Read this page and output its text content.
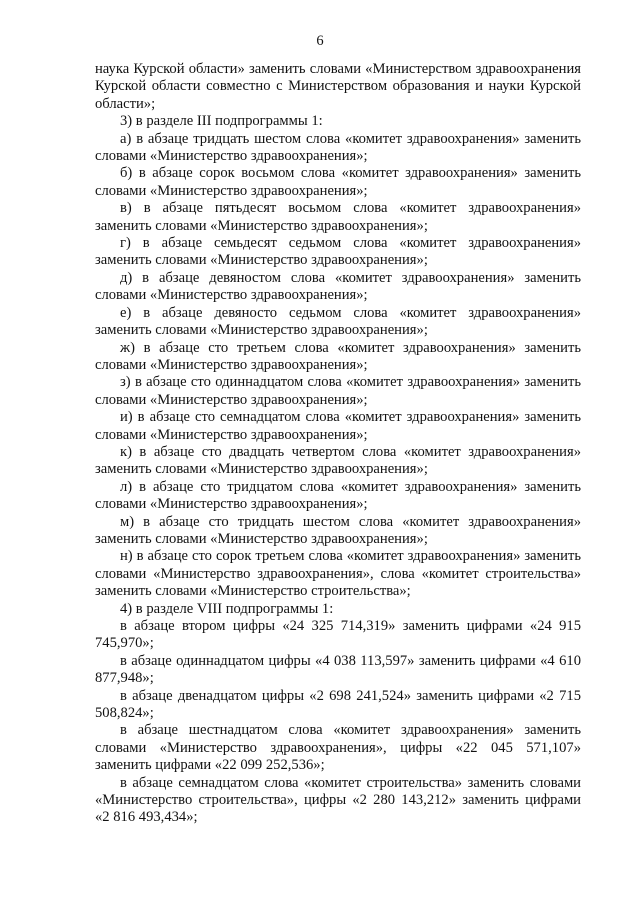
6

наука Курской области» заменить словами «Министерством здравоохранения Курской области совместно с Министерством образования и науки Курской области»;

3) в разделе III подпрограммы 1:

а) в абзаце тридцать шестом слова «комитет здравоохранения» заменить словами «Министерство здравоохранения»;

б) в абзаце сорок восьмом слова «комитет здравоохранения» заменить словами «Министерство здравоохранения»;

в) в абзаце пятьдесят восьмом слова «комитет здравоохранения» заменить словами «Министерство здравоохранения»;

г) в абзаце семьдесят седьмом слова «комитет здравоохранения» заменить словами «Министерство здравоохранения»;

д) в абзаце девяностом слова «комитет здравоохранения» заменить словами «Министерство здравоохранения»;

е) в абзаце девяносто седьмом слова «комитет здравоохранения» заменить словами «Министерство здравоохранения»;

ж) в абзаце сто третьем слова «комитет здравоохранения» заменить словами «Министерство здравоохранения»;

з) в абзаце сто одиннадцатом слова «комитет здравоохранения» заменить словами «Министерство здравоохранения»;

и) в абзаце сто семнадцатом слова «комитет здравоохранения» заменить словами «Министерство здравоохранения»;

к) в абзаце сто двадцать четвертом слова «комитет здравоохранения» заменить словами «Министерство здравоохранения»;

л) в абзаце сто тридцатом слова «комитет здравоохранения» заменить словами «Министерство здравоохранения»;

м) в абзаце сто тридцать шестом слова «комитет здравоохранения» заменить словами «Министерство здравоохранения»;

н) в абзаце сто сорок третьем слова «комитет здравоохранения» заменить словами «Министерство здравоохранения», слова «комитет строительства» заменить словами «Министерство строительства»;

4) в разделе VIII подпрограммы 1:

в абзаце втором цифры «24 325 714,319» заменить цифрами «24 915 745,970»;

в абзаце одиннадцатом цифры «4 038 113,597» заменить цифрами «4 610 877,948»;

в абзаце двенадцатом цифры «2 698 241,524» заменить цифрами «2 715 508,824»;

в абзаце шестнадцатом слова «комитет здравоохранения» заменить словами «Министерство здравоохранения», цифры «22 045 571,107» заменить цифрами «22 099 252,536»;

в абзаце семнадцатом слова «комитет строительства» заменить словами «Министерство строительства», цифры «2 280 143,212» заменить цифрами «2 816 493,434»;
